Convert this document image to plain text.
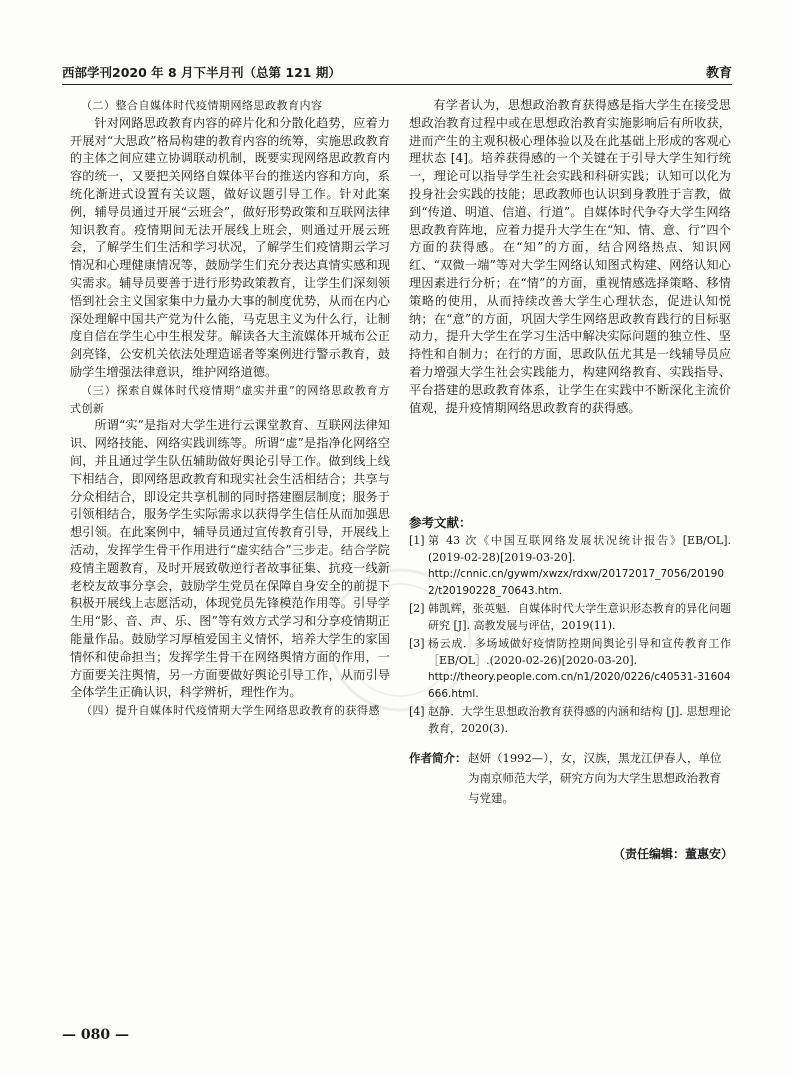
西部学刊2020 年 8 月下半月刊（总第 121 期）	教育

（二）整合自媒体时代疫情期网络思政教育内容

针对网路思政教育内容的碎片化和分散化趋势，应着力开展对“大思政”格局构建的教育内容的统筹，实施思政教育的主体之间应建立协调联动机制，既要实现网络思政教育内容的统一，又要把关网络自媒体平台的推送内容和方向，系统化渐进式设置有关议题，做好议题引导工作。针对此案例，辅导员通过开展“云班会”，做好形势政策和互联网法律知识教育。疫情期间无法开展线上班会，则通过开展云班会，了解学生们生活和学习状况，了解学生们疫情期云学习情况和心理健康情况等，鼓励学生们充分表达真情实感和现实需求。辅导员要善于进行形势政策教育，让学生们深刻领悟到社会主义国家集中力量办大事的制度优势，从而在内心深处理解中国共产党为什么能，马克思主义为什么行，让制度自信在学生心中生根发芽。解读各大主流媒体开城布公正剑亮锋，公安机关依法处理造谣者等案例进行警示教育，鼓励学生增强法律意识，维护网络道德。

（三）探索自媒体时代疫情期“虚实并重”的网络思政教育方式创新

所谓“实”是指对大学生进行云课堂教育、互联网法律知识、网络技能、网络实践训练等。所谓“虚”是指净化网络空间，并且通过学生队伍辅助做好舆论引导工作。做到线上线下相结合，即网络思政教育和现实社会生活相结合；共享与分众相结合，即设定共享机制的同时搭建圈层制度；服务于引领相结合，服务学生实际需求以获得学生信任从而加强思想引领。在此案例中，辅导员通过宣传教育引导，开展线上活动，发挥学生骨干作用进行“虚实结合”三步走。结合学院疫情主题教育，及时开展致敬逆行者故事征集、抗疫一线新老校友故事分享会，鼓励学生党员在保障自身安全的前提下积极开展线上志愿活动，体现党员先锋模范作用等。引导学生用“影、音、声、乐、图”等有效方式学习和分享疫情期正能量作品。鼓励学习厚植爱国主义情怀，培养大学生的家国情怀和使命担当；发挥学生骨干在网络舆情方面的作用，一方面要关注舆情，另一方面要做好舆论引导工作，从而引导全体学生正确认识，科学辨析，理性作为。

（四）提升自媒体时代疫情期大学生网络思政教育的获得感

有学者认为，思想政治教育获得感是指大学生在接受思想政治教育过程中或在思想政治教育实施影响后有所收获，进而产生的主观积极心理体验以及在此基础上形成的客观心理状态 [4]。培养获得感的一个关键在于引导大学生知行统一，理论可以指导学生社会实践和科研实践；认知可以化为投身社会实践的技能；思政教师也认识到身教胜于言教，做到“传道、明道、信道、行道”。自媒体时代争夺大学生网络思政教育阵地，应着力提升大学生在“知、情、意、行”四个方面的获得感。在“知”的方面，结合网络热点、知识网红、“双微一端”等对大学生网络认知图式构建、网络认知心理因素进行分析；在“情”的方面，重视情感选择策略、移情策略的使用，从而持续改善大学生心理状态，促进认知悦纳；在“意”的方面，巩固大学生网络思政教育践行的目标驱动力，提升大学生在学习生活中解决实际问题的独立性、坚持性和自制力；在行的方面，思政队伍尤其是一线辅导员应着力增强大学生社会实践能力，构建网络教育、实践指导、平台搭建的思政教育体系，让学生在实践中不断深化主流价值观，提升疫情期网络思政教育的获得感。

参考文献：
[1] 第 43 次《中国互联网络发展状况统计报告》[EB/OL].(2019-02-28)[2019-03-20].
http://cnnic.cn/gywm/xwzx/rdxw/20172017_7056/201902/t20190228_70643.htm.
[2] 韩凯辉，张英魁．自媒体时代大学生意识形态教育的异化问题研究 [J]. 高教发展与评估，2019(11).
[3] 杨云成．多场域做好疫情防控期间舆论引导和宣传教育工作［EB/OL］.(2020-02-26)[2020-03-20].
http://theory.people.com.cn/n1/2020/0226/c40531-31604666.html.
[4] 赵静．大学生思想政治教育获得感的内涵和结构 [J]. 思想理论教育，2020(3).
作者简介： 赵妍（1992—），女，汉族，黑龙江伊春人，单位为南京师范大学，研究方向为大学生思想政治教育与党建。
（责任编辑：董惠安）
— 080 —
